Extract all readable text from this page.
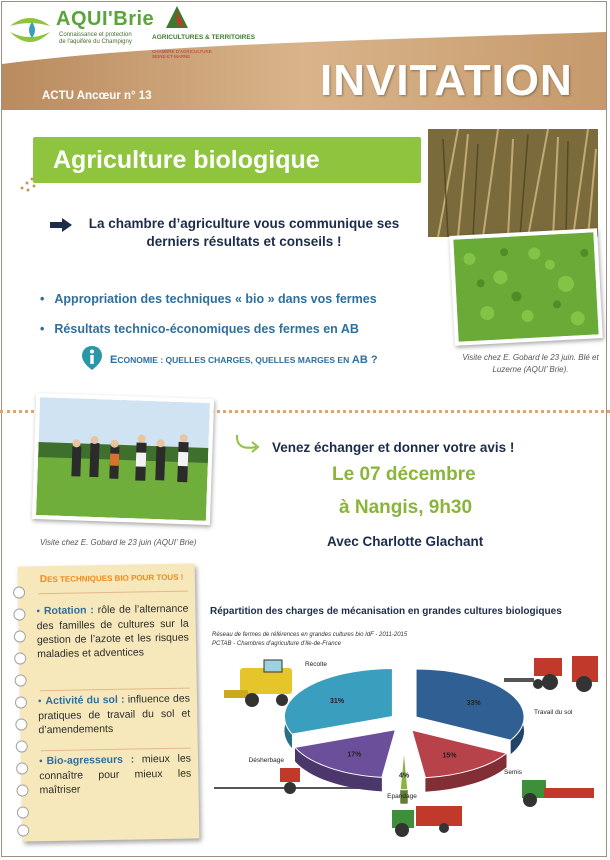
AQUI'Brie
Connaissance et protection de l'aquifère du Champigny
AGRICULTURES & TERRITOIRES
CHAMBRE D'AGRICULTURE SEINE-ET-MARNE	INVITATION
ACTU Ancœur n° 13
Agriculture biologique
Visite chez E. Gobard le 23 juin. Blé et Luzerne (AQUI’ Brie).
La chambre d’agriculture vous communique ses derniers résultats et conseils !
• Appropriation des techniques « bio » dans vos fermes
• Résultats technico-économiques des fermes en AB
ECONOMIE : QUELLES CHARGES, QUELLES MARGES EN AB ?
Visite chez E. Gobard le 23 juin (AQUI’ Brie)
Venez échanger et donner votre avis !
Le 07 décembre
à Nangis, 9h30
Avec Charlotte Glachant
DES TECHNIQUES BIO POUR TOUS !
• Rotation : rôle de l’alternance des familles de cultures sur la gestion de l’azote et les risques maladies et adventices
• Activité du sol : influence des pratiques de travail du sol et d’amendements
• Bio-agresseurs : mieux les connaître pour mieux les maîtriser
Répartition des charges de mécanisation en grandes cultures biologiques
Réseau de fermes de références en grandes cultures bio IdF - 2011-2015
PCTAB - Chambres d’agriculture d’Ile-de-France
33%
Travail du sol
15%
Semis
4%
Epandage
17%
Désherbage
31%
Récolte
